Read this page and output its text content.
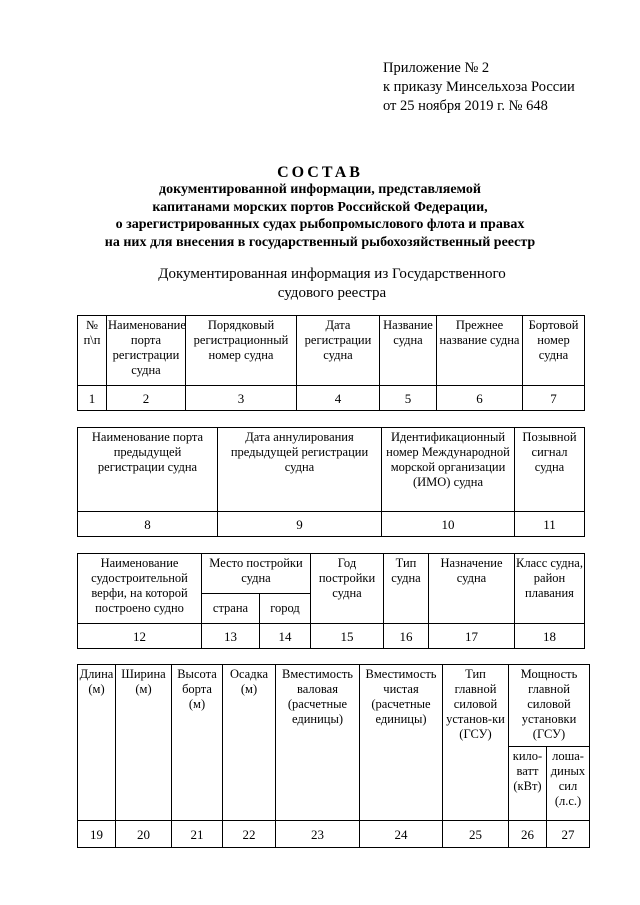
Приложение № 2
к приказу Минсельхоза России
от 25 ноября 2019 г. № 648
СОСТАВ
документированной информации, представляемой
капитанами морских портов Российской Федерации,
о зарегистрированных судах рыбопромыслового флота и правах
на них для внесения в государственный рыбохозяйственный реестр
Документированная информация из Государственного
судового реестра
№ п\п	Наименование порта регистрации судна	Порядковый регистрационный номер судна	Дата регистрации судна	Название судна	Прежнее название судна	Бортовой номер судна
1	2	3	4	5	6	7
Наименование порта предыдущей регистрации судна	Дата аннулирования предыдущей регистрации судна	Идентификационный номер Международной морской организации (ИМО) судна	Позывной сигнал судна
8	9	10	11
Наименование судостроительной верфи, на которой построено судно	Место постройки судна		Год постройки судна	Тип судна	Назначение судна	Класс судна, район плавания
	страна	город				
12	13	14	15	16	17	18
Длина (м)	Ширина (м)	Высота борта (м)	Осадка (м)	Вместимость валовая (расчетные единицы)	Вместимость чистая (расчетные единицы)	Тип главной силовой установ-ки (ГСУ)	Мощность главной силовой установки (ГСУ)	
							кило-ватт (кВт)	лоша-диных сил (л.с.)
19	20	21	22	23	24	25	26	27
